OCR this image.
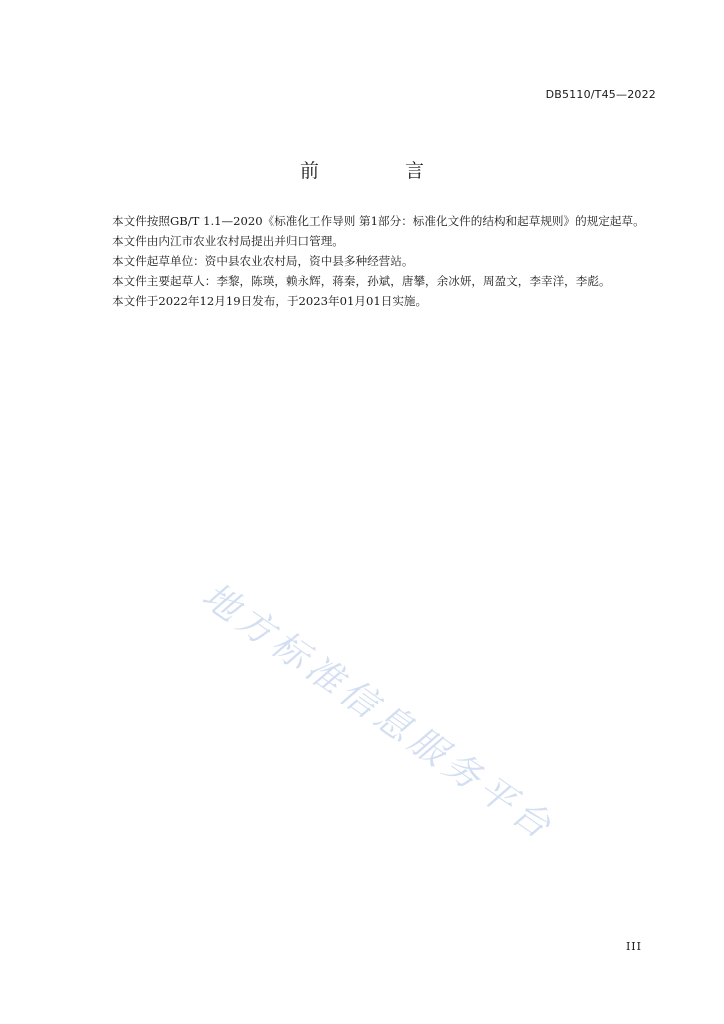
DB5110/T45—2022
前 言

本文件按照GB/T 1.1—2020《标准化工作导则 第1部分：标准化文件的结构和起草规则》的规定起草。

本文件由内江市农业农村局提出并归口管理。

本文件起草单位：资中县农业农村局，资中县多种经营站。

本文件主要起草人：李黎，陈瑛，赖永辉，蒋秦，孙斌，唐攀，余冰妍，周盈文，李幸洋，李彪。

本文件于2022年12月19日发布，于2023年01月01日实施。

地方标准信息服务平台
III
